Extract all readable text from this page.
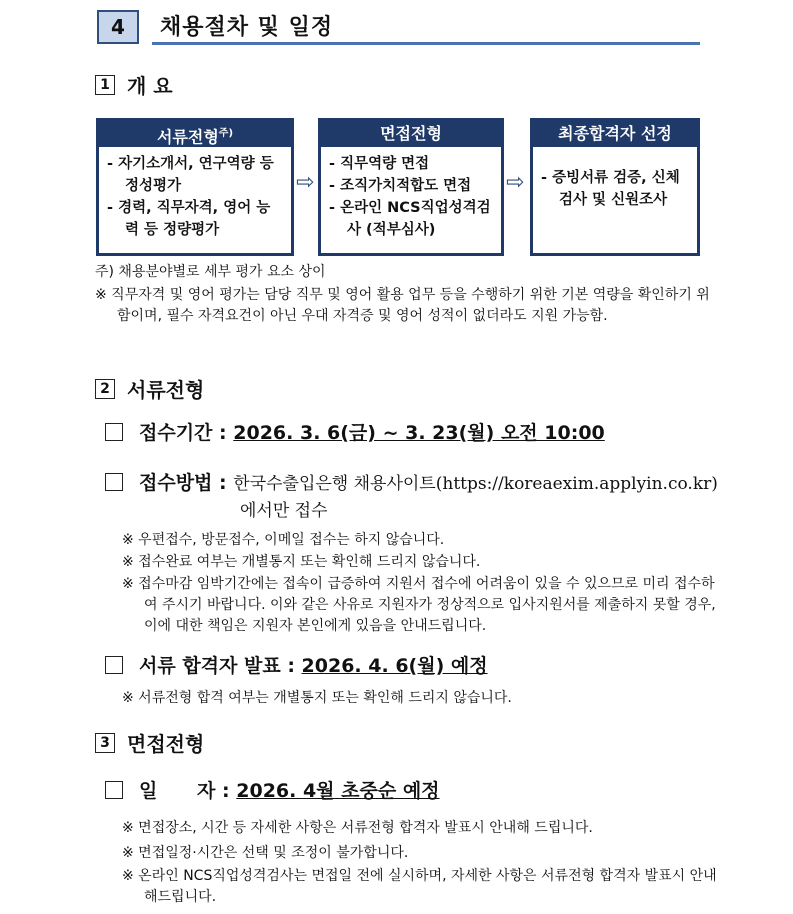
4	채용절차 및 일정
1 개 요
서류전형$^{주)}$
- 자기소개서, 연구역량 등 정성평가
- 경력, 직무자격, 영어 능력 등 정량평가
⇨
면접전형
- 직무역량 면접
- 조직가치적합도 면접
- 온라인 NCS직업성격검사 (적부심사)
⇨
최종합격자 선정
- 증빙서류 검증, 신체검사 및 신원조사
주) 채용분야별로 세부 평가 요소 상이
※ 직무자격 및 영어 평가는 담당 직무 및 영어 활용 업무 등을 수행하기 위한 기본 역량을 확인하기 위함이며, 필수 자격요건이 아닌 우대 자격증 및 영어 성적이 없더라도 지원 가능함.
2 서류전형
접수기간 :
2026. 3. 6(금) ~ 3. 23(월) 오전 10:00
접수방법 :
한국수출입은행 채용사이트(https://koreaexim.applyin.co.kr)
에서만 접수
※ 우편접수, 방문접수, 이메일 접수는 하지 않습니다.
※ 접수완료 여부는 개별통지 또는 확인해 드리지 않습니다.
※ 접수마감 임박기간에는 접속이 급증하여 지원서 접수에 어려움이 있을 수 있으므로 미리 접수하여 주시기 바랍니다. 이와 같은 사유로 지원자가 정상적으로 입사지원서를 제출하지 못할 경우, 이에 대한 책임은 지원자 본인에게 있음을 안내드립니다.
서류 합격자 발표 :
2026. 4. 6(월) 예정
※ 서류전형 합격 여부는 개별통지 또는 확인해 드리지 않습니다.
3 면접전형
일      자 :
2026. 4월 초중순 예정
※ 면접장소, 시간 등 자세한 사항은 서류전형 합격자 발표시 안내해 드립니다.
※ 면접일정·시간은 선택 및 조정이 불가합니다.
※ 온라인 NCS직업성격검사는 면접일 전에 실시하며, 자세한 사항은 서류전형 합격자 발표시 안내해드립니다.
